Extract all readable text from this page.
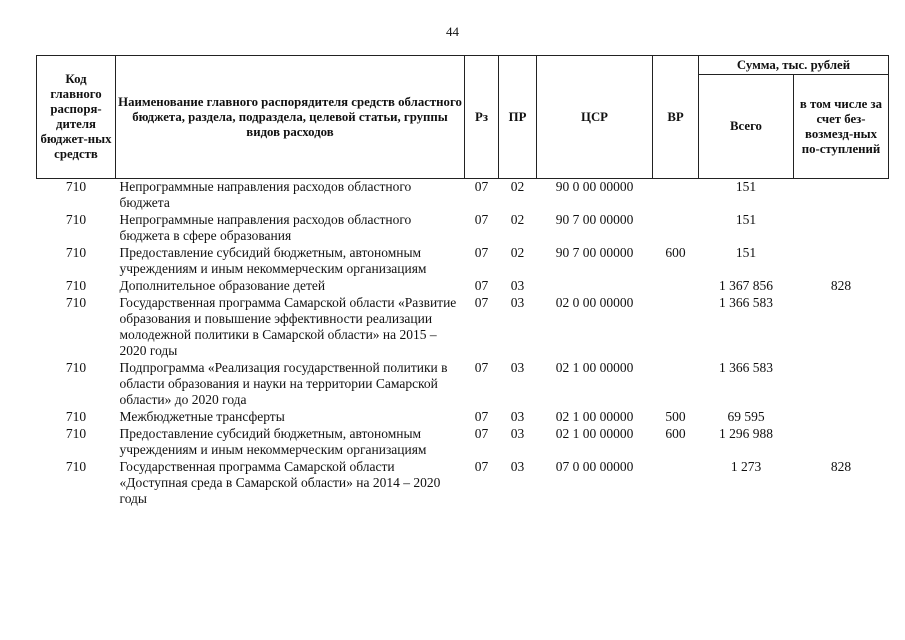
44
Код главного распоря-дителя бюджет-ных средств	Наименование главного распорядителя средств областного бюджета, раздела, подраздела, целевой статьи, группы видов расходов	Рз	ПР	ЦСР	ВР	Сумма, тыс. рублей	
						Всего	в том числе за счет без-возмезд-ных по-ступлений
710	Непрограммные направления расходов областного бюджета	07	02	90 0 00 00000		151	
710	Непрограммные направления расходов областного бюджета в сфере образования	07	02	90 7 00 00000		151	
710	Предоставление субсидий бюджетным, автономным учреждениям и иным некоммерческим организациям	07	02	90 7 00 00000	600	151	
710	Дополнительное образование детей	07	03			1 367 856	828
710	Государственная программа Самарской области «Развитие образования и повышение эффективности реализации молодежной политики в Самарской области» на 2015 – 2020 годы	07	03	02 0 00 00000		1 366 583	
710	Подпрограмма «Реализация государственной политики в области образования и науки на территории Самарской области» до 2020 года	07	03	02 1 00 00000		1 366 583	
710	Межбюджетные трансферты	07	03	02 1 00 00000	500	69 595	
710	Предоставление субсидий бюджетным, автономным учреждениям и иным некоммерческим организациям	07	03	02 1 00 00000	600	1 296 988	
710	Государственная программа Самарской области «Доступная среда в Самарской области» на 2014 – 2020 годы	07	03	07 0 00 00000		1 273	828
